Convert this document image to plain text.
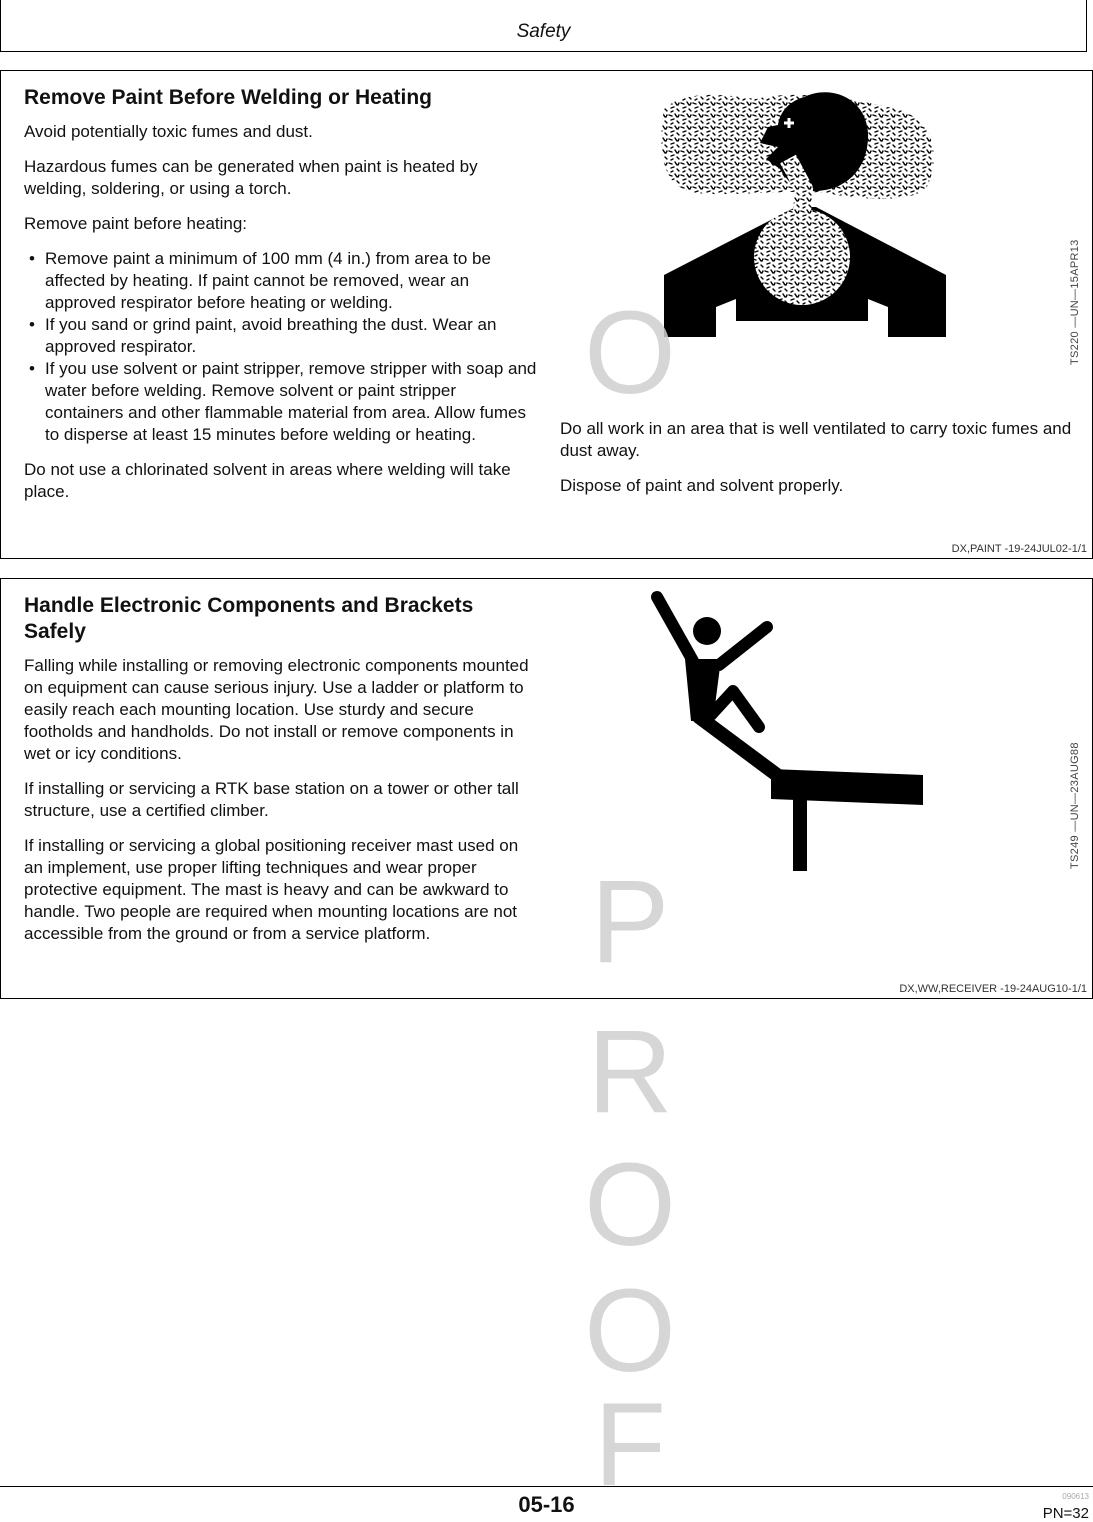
Safety
Remove Paint Before Welding or Heating

Avoid potentially toxic fumes and dust.

Hazardous fumes can be generated when paint is heated by welding, soldering, or using a torch.

Remove paint before heating:

• Remove paint a minimum of 100 mm (4 in.) from area to be affected by heating. If paint cannot be removed, wear an approved respirator before heating or welding.
• If you sand or grind paint, avoid breathing the dust. Wear an approved respirator.
• If you use solvent or paint stripper, remove stripper with soap and water before welding. Remove solvent or paint stripper containers and other flammable material from area. Allow fumes to disperse at least 15 minutes before welding or heating.

Do not use a chlorinated solvent in areas where welding will take place.

Do all work in an area that is well ventilated to carry toxic fumes and dust away.

Dispose of paint and solvent properly.

TS220 —UN—15APR13
DX,PAINT -19-24JUL02-1/1
Handle Electronic Components and Brackets Safely

Falling while installing or removing electronic components mounted on equipment can cause serious injury. Use a ladder or platform to easily reach each mounting location. Use sturdy and secure footholds and handholds. Do not install or remove components in wet or icy conditions.

If installing or servicing a RTK base station on a tower or other tall structure, use a certified climber.

If installing or servicing a global positioning receiver mast used on an implement, use proper lifting techniques and wear proper protective equipment. The mast is heavy and can be awkward to handle. Two people are required when mounting locations are not accessible from the ground or from a service platform.

TS249 —UN—23AUG88
DX,WW,RECEIVER -19-24AUG10-1/1
O
P
R
O
O
F
05-16	090613
PN=32
